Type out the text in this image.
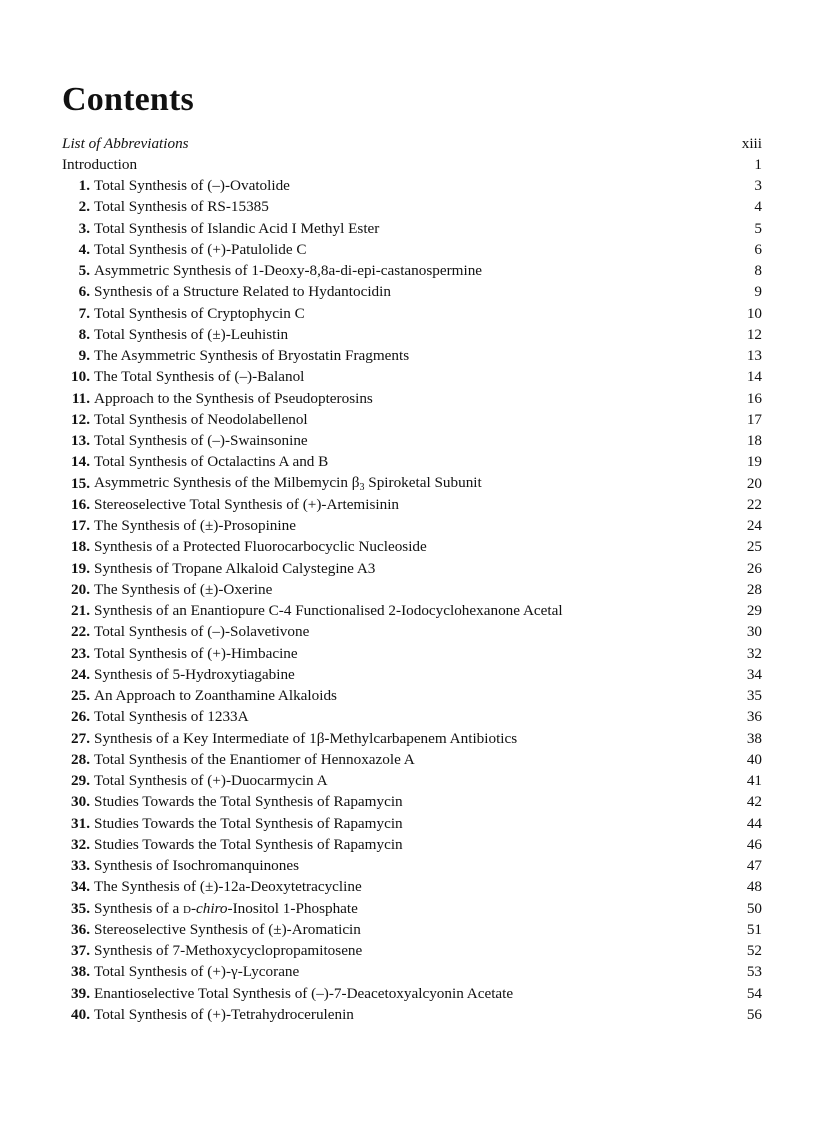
Contents
List of Abbreviations	xiii
Introduction	1
1. Total Synthesis of (–)-Ovatolide	3
2. Total Synthesis of RS-15385	4
3. Total Synthesis of Islandic Acid I Methyl Ester	5
4. Total Synthesis of (+)-Patulolide C	6
5. Asymmetric Synthesis of 1-Deoxy-8,8a-di-epi-castanospermine	8
6. Synthesis of a Structure Related to Hydantocidin	9
7. Total Synthesis of Cryptophycin C	10
8. Total Synthesis of (±)-Leuhistin	12
9. The Asymmetric Synthesis of Bryostatin Fragments	13
10. The Total Synthesis of (–)-Balanol	14
11. Approach to the Synthesis of Pseudopterosins	16
12. Total Synthesis of Neodolabellenol	17
13. Total Synthesis of (–)-Swainsonine	18
14. Total Synthesis of Octalactins A and B	19
15. Asymmetric Synthesis of the Milbemycin $\beta_3$ Spiroketal Subunit	20
16. Stereoselective Total Synthesis of (+)-Artemisinin	22
17. The Synthesis of (±)-Prosopinine	24
18. Synthesis of a Protected Fluorocarbocyclic Nucleoside	25
19. Synthesis of Tropane Alkaloid Calystegine A3	26
20. The Synthesis of (±)-Oxerine	28
21. Synthesis of an Enantiopure C-4 Functionalised 2-Iodocyclohexanone Acetal	29
22. Total Synthesis of (–)-Solavetivone	30
23. Total Synthesis of (+)-Himbacine	32
24. Synthesis of 5-Hydroxytiagabine	34
25. An Approach to Zoanthamine Alkaloids	35
26. Total Synthesis of 1233A	36
27. Synthesis of a Key Intermediate of 1β-Methylcarbapenem Antibiotics	38
28. Total Synthesis of the Enantiomer of Hennoxazole A	40
29. Total Synthesis of (+)-Duocarmycin A	41
30. Studies Towards the Total Synthesis of Rapamycin	42
31. Studies Towards the Total Synthesis of Rapamycin	44
32. Studies Towards the Total Synthesis of Rapamycin	46
33. Synthesis of Isochromanquinones	47
34. The Synthesis of (±)-12a-Deoxytetracycline	48
35. Synthesis of a d-chiro-Inositol 1-Phosphate	50
36. Stereoselective Synthesis of (±)-Aromaticin	51
37. Synthesis of 7-Methoxycyclopropamitosene	52
38. Total Synthesis of (+)-γ-Lycorane	53
39. Enantioselective Total Synthesis of (–)-7-Deacetoxyalcyonin Acetate	54
40. Total Synthesis of (+)-Tetrahydrocerulenin	56
